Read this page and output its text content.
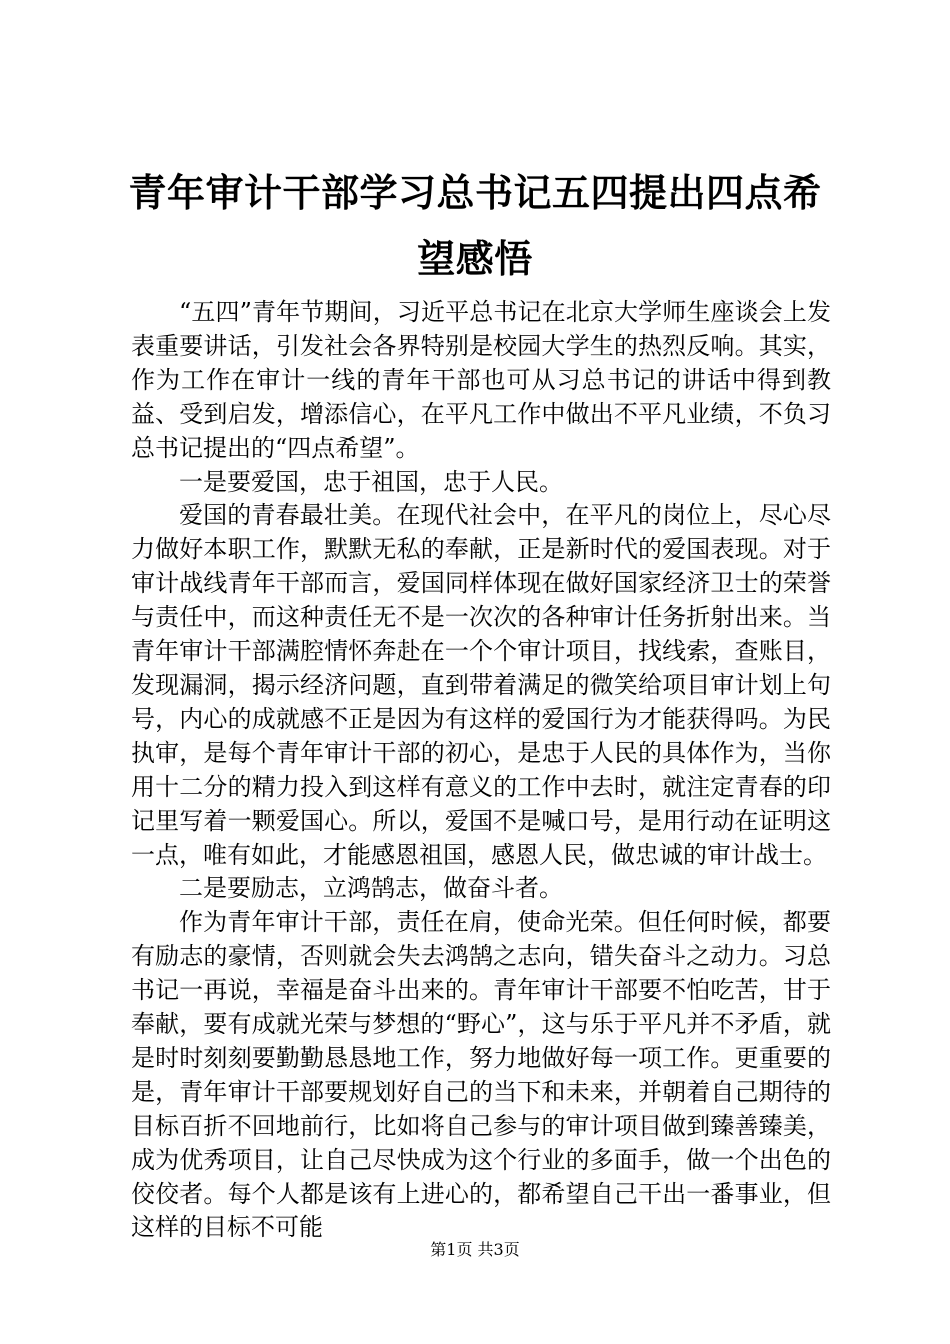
青年审计干部学习总书记五四提出四点希望感悟

“五四”青年节期间，习近平总书记在北京大学师生座谈会上发表重要讲话，引发社会各界特别是校园大学生的热烈反响。其实，作为工作在审计一线的青年干部也可从习总书记的讲话中得到教益、受到启发，增添信心，在平凡工作中做出不平凡业绩，不负习总书记提出的“四点希望”。

一是要爱国，忠于祖国，忠于人民。

爱国的青春最壮美。在现代社会中，在平凡的岗位上，尽心尽力做好本职工作，默默无私的奉献，正是新时代的爱国表现。对于审计战线青年干部而言，爱国同样体现在做好国家经济卫士的荣誉与责任中，而这种责任无不是一次次的各种审计任务折射出来。当青年审计干部满腔情怀奔赴在一个个审计项目，找线索，查账目，发现漏洞，揭示经济问题，直到带着满足的微笑给项目审计划上句号，内心的成就感不正是因为有这样的爱国行为才能获得吗。为民执审，是每个青年审计干部的初心，是忠于人民的具体作为，当你用十二分的精力投入到这样有意义的工作中去时，就注定青春的印记里写着一颗爱国心。所以，爱国不是喊口号，是用行动在证明这一点，唯有如此，才能感恩祖国，感恩人民，做忠诚的审计战士。

二是要励志，立鸿鹄志，做奋斗者。

作为青年审计干部，责任在肩，使命光荣。但任何时候，都要有励志的豪情，否则就会失去鸿鹄之志向，错失奋斗之动力。习总书记一再说，幸福是奋斗出来的。青年审计干部要不怕吃苦，甘于奉献，要有成就光荣与梦想的“野心”，这与乐于平凡并不矛盾，就是时时刻刻要勤勤恳恳地工作，努力地做好每一项工作。更重要的是，青年审计干部要规划好自己的当下和未来，并朝着自己期待的目标百折不回地前行，比如将自己参与的审计项目做到臻善臻美，成为优秀项目，让自己尽快成为这个行业的多面手，做一个出色的佼佼者。每个人都是该有上进心的，都希望自己干出一番事业，但这样的目标不可能

第1页 共3页
